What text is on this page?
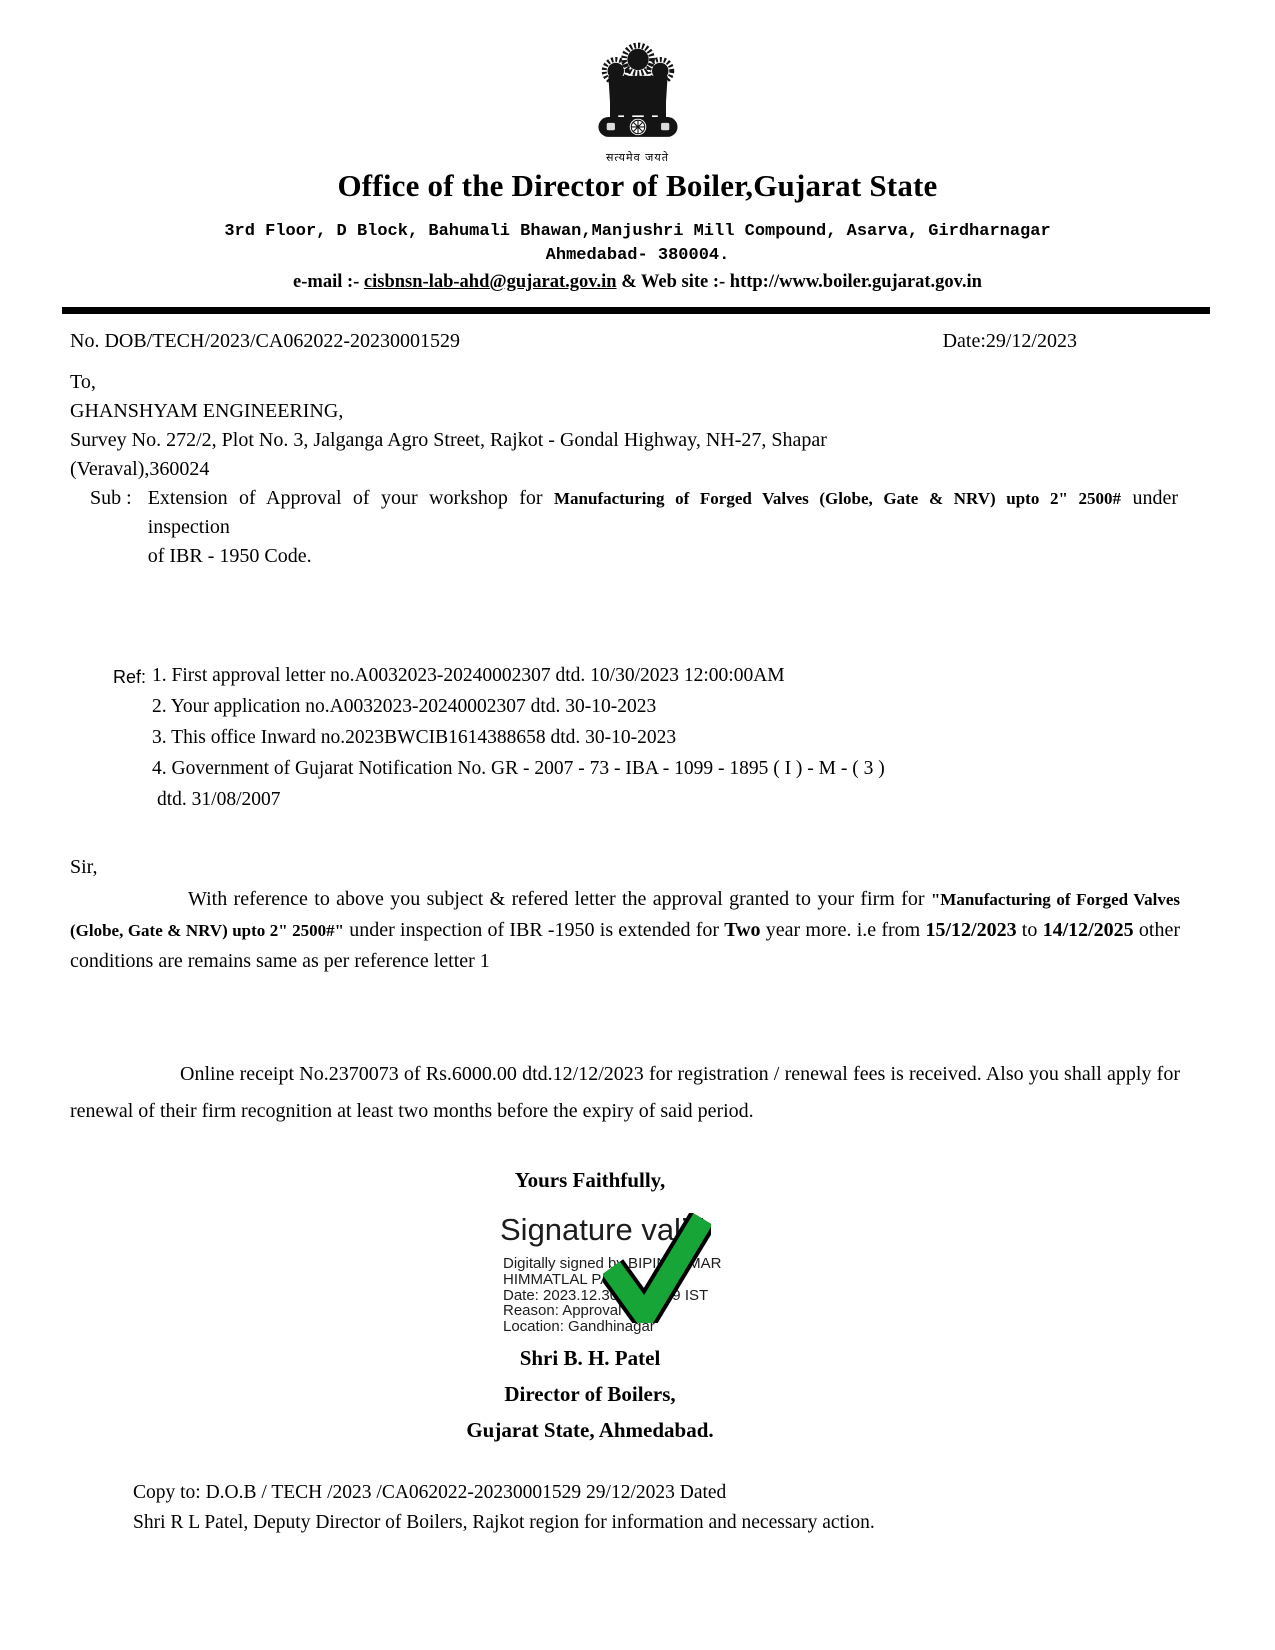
सत्यमेव जयते
Office of the Director of Boiler,Gujarat State
3rd Floor, D Block, Bahumali Bhawan,Manjushri Mill Compound, Asarva, Girdharnagar
Ahmedabad- 380004.
e-mail :- cisbnsn-lab-ahd@gujarat.gov.in & Web site :- http://www.boiler.gujarat.gov.in
No. DOB/TECH/2023/CA062022-20230001529	Date:29/12/2023
To,
GHANSHYAM ENGINEERING,
Survey No. 272/2, Plot No. 3, Jalganga Agro Street, Rajkot - Gondal Highway, NH-27, Shapar
(Veraval),360024
Sub : Extension of Approval of your workshop for Manufacturing of Forged Valves (Globe, Gate & NRV) upto 2" 2500# under
inspection
of IBR - 1950 Code.
Ref: 1. First approval letter no.A0032023-20240002307 dtd. 10/30/2023 12:00:00AM
2. Your application no.A0032023-20240002307 dtd. 30-10-2023
3. This office Inward no.2023BWCIB1614388658 dtd. 30-10-2023
4. Government of Gujarat Notification No. GR - 2007 - 73 - IBA - 1099 - 1895 ( I ) - M - ( 3 )
dtd. 31/08/2007
Sir,
With reference to above you subject & refered letter the approval granted to your firm for "Manufacturing of Forged Valves (Globe, Gate & NRV) upto 2" 2500#" under inspection of IBR -1950 is extended for Two year more. i.e from 15/12/2023 to 14/12/2025 other conditions are remains same as per reference letter 1
Online receipt No.2370073 of Rs.6000.00 dtd.12/12/2023 for registration / renewal fees is received. Also you shall apply for renewal of their firm recognition at least two months before the expiry of said period.
Yours Faithfully,
Signature valid
Digitally signed by BIPINKUMAR
HIMMATLAL PATEL
Date: 2023.12.30 13:04:49 IST
Reason: Approval
Location: Gandhinagar
Shri B. H. Patel
Director of Boilers,
Gujarat State, Ahmedabad.
Copy to: D.O.B / TECH /2023 /CA062022-20230001529 29/12/2023 Dated
Shri R L Patel, Deputy Director of Boilers, Rajkot region for information and necessary action.
